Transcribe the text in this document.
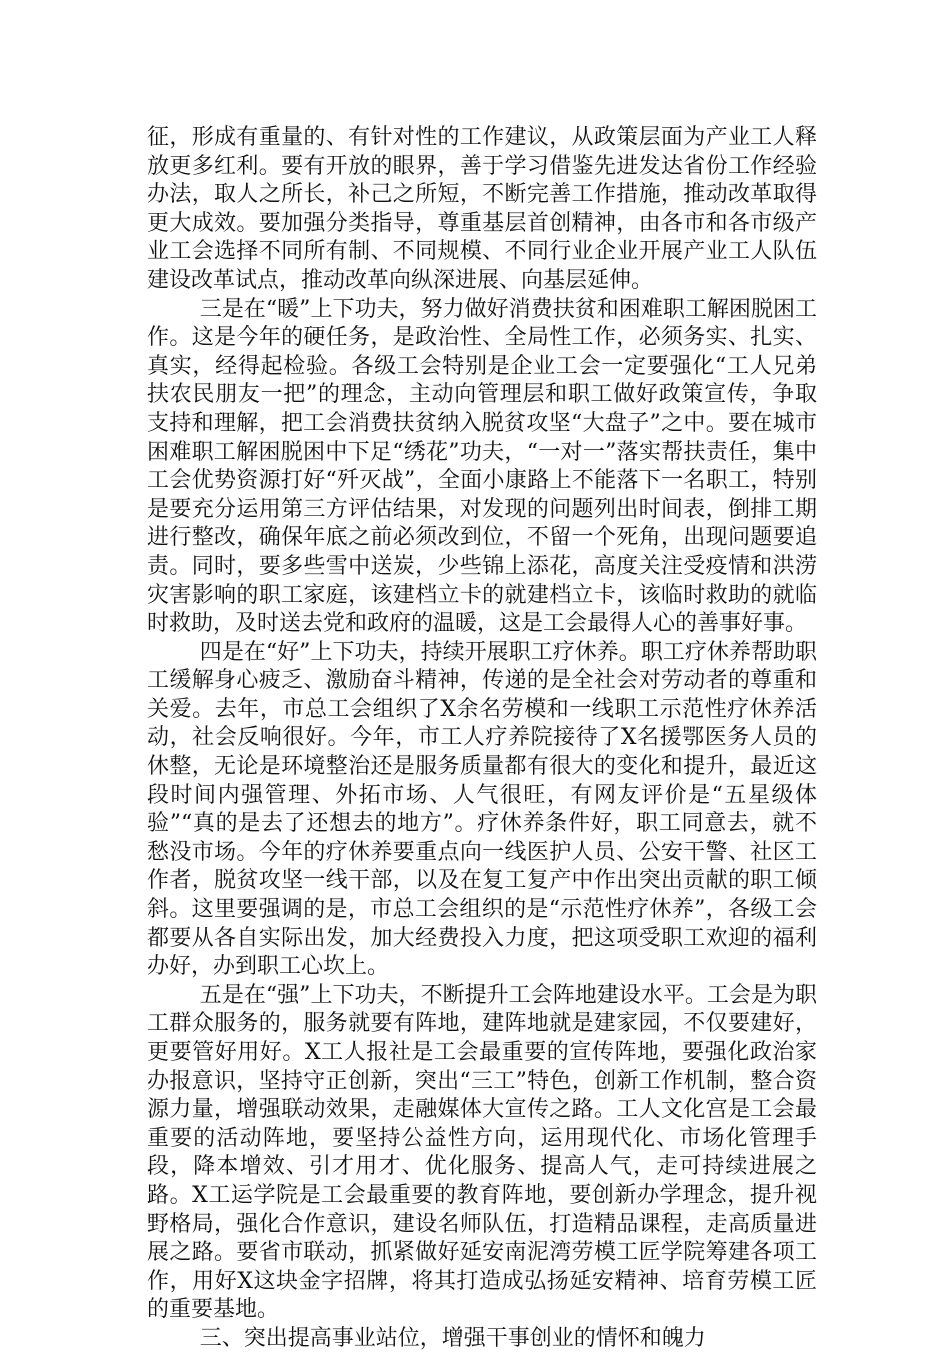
征，形成有重量的、有针对性的工作建议，从政策层面为产业工人释放更多红利。要有开放的眼界，善于学习借鉴先进发达省份工作经验办法，取人之所长，补己之所短，不断完善工作措施，推动改革取得更大成效。要加强分类指导，尊重基层首创精神，由各市和各市级产业工会选择不同所有制、不同规模、不同行业企业开展产业工人队伍建设改革试点，推动改革向纵深进展、向基层延伸。

三是在“暖”上下功夫，努力做好消费扶贫和困难职工解困脱困工作。这是今年的硬任务，是政治性、全局性工作，必须务实、扎实、真实，经得起检验。各级工会特别是企业工会一定要强化“工人兄弟扶农民朋友一把”的理念，主动向管理层和职工做好政策宣传，争取支持和理解，把工会消费扶贫纳入脱贫攻坚“大盘子”之中。要在城市困难职工解困脱困中下足“绣花”功夫，“一对一”落实帮扶责任，集中工会优势资源打好“歼灭战”，全面小康路上不能落下一名职工，特别是要充分运用第三方评估结果，对发现的问题列出时间表，倒排工期进行整改，确保年底之前必须改到位，不留一个死角，出现问题要追责。同时，要多些雪中送炭，少些锦上添花，高度关注受疫情和洪涝灾害影响的职工家庭，该建档立卡的就建档立卡，该临时救助的就临时救助，及时送去党和政府的温暖，这是工会最得人心的善事好事。

四是在“好”上下功夫，持续开展职工疗休养。职工疗休养帮助职工缓解身心疲乏、激励奋斗精神，传递的是全社会对劳动者的尊重和关爱。去年，市总工会组织了X余名劳模和一线职工示范性疗休养活动，社会反响很好。今年，市工人疗养院接待了X名援鄂医务人员的休整，无论是环境整治还是服务质量都有很大的变化和提升，最近这段时间内强管理、外拓市场、人气很旺，有网友评价是“五星级体验”“真的是去了还想去的地方”。疗休养条件好，职工同意去，就不愁没市场。今年的疗休养要重点向一线医护人员、公安干警、社区工作者，脱贫攻坚一线干部，以及在复工复产中作出突出贡献的职工倾斜。这里要强调的是，市总工会组织的是“示范性疗休养”，各级工会都要从各自实际出发，加大经费投入力度，把这项受职工欢迎的福利办好，办到职工心坎上。

五是在“强”上下功夫，不断提升工会阵地建设水平。工会是为职工群众服务的，服务就要有阵地，建阵地就是建家园，不仅要建好，更要管好用好。X工人报社是工会最重要的宣传阵地，要强化政治家办报意识，坚持守正创新，突出“三工”特色，创新工作机制，整合资源力量，增强联动效果，走融媒体大宣传之路。工人文化宫是工会最重要的活动阵地，要坚持公益性方向，运用现代化、市场化管理手段，降本增效、引才用才、优化服务、提高人气，走可持续进展之路。X工运学院是工会最重要的教育阵地，要创新办学理念，提升视野格局，强化合作意识，建设名师队伍，打造精品课程，走高质量进展之路。要省市联动，抓紧做好延安南泥湾劳模工匠学院筹建各项工作，用好X这块金字招牌，将其打造成弘扬延安精神、培育劳模工匠的重要基地。

三、突出提高事业站位，增强干事创业的情怀和魄力
